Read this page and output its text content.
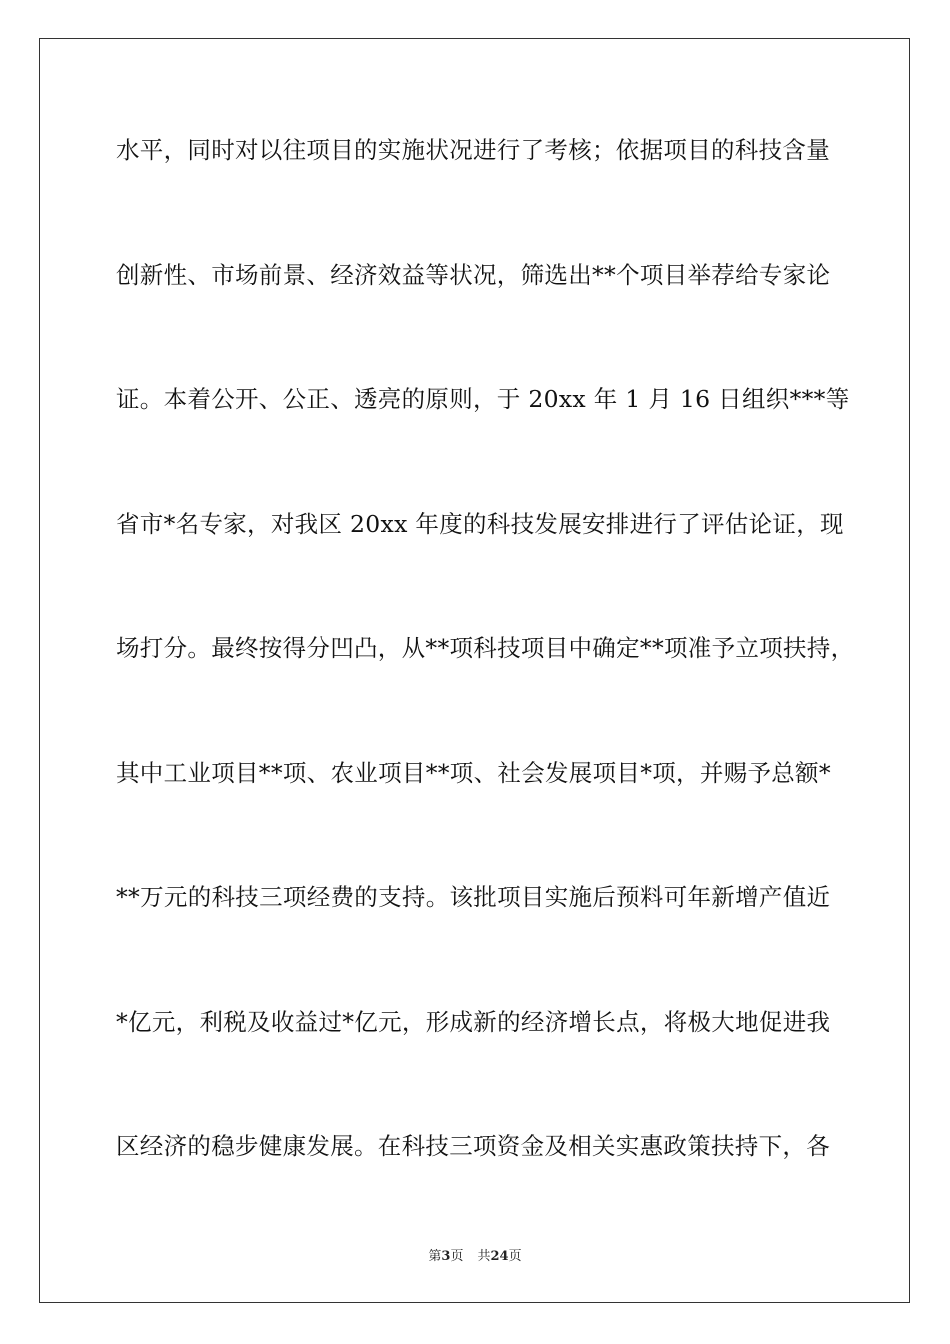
水平，同时对以往项目的实施状况进行了考核；依据项目的科技含量
创新性、市场前景、经济效益等状况，筛选出**个项目举荐给专家论
证。本着公开、公正、透亮的原则，于 20xx 年 1 月 16 日组织***等
省市*名专家，对我区 20xx 年度的科技发展安排进行了评估论证，现
场打分。最终按得分凹凸，从**项科技项目中确定**项准予立项扶持，
其中工业项目**项、农业项目**项、社会发展项目*项，并赐予总额*
**万元的科技三项经费的支持。该批项目实施后预料可年新增产值近
*亿元，利税及收益过*亿元，形成新的经济增长点，将极大地促进我
区经济的稳步健康发展。在科技三项资金及相关实惠政策扶持下，各
第3页 共24页
